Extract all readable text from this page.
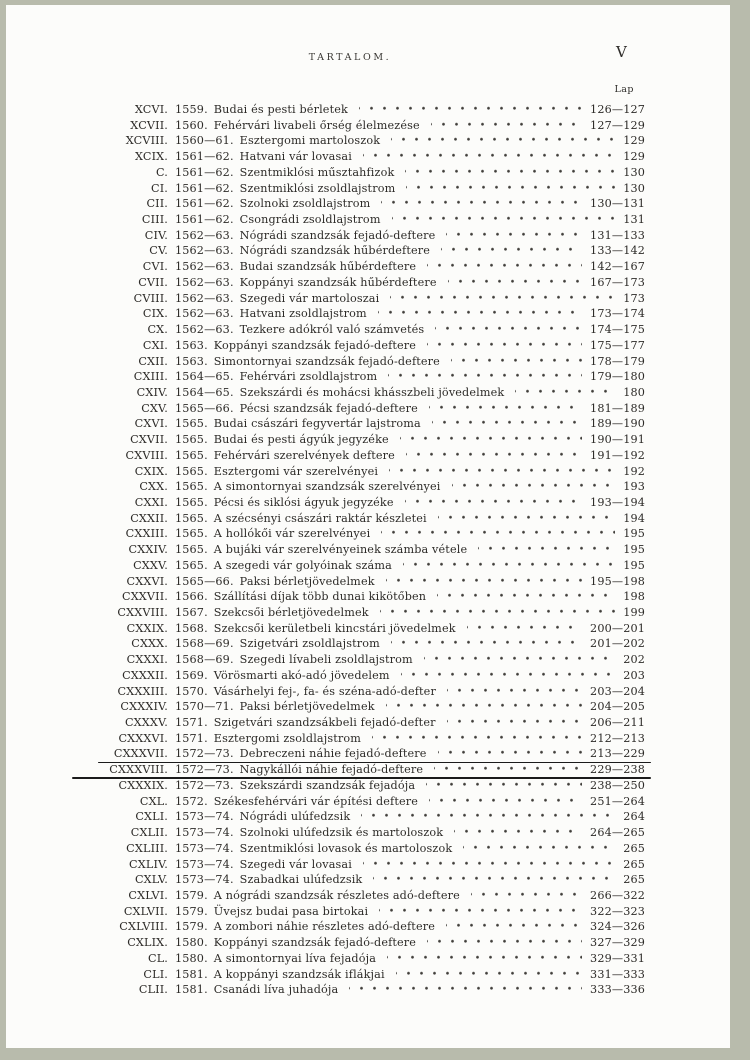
TARTALOM.	V
Lap
XCVI. 1559. Budai és pesti bérletek	126—127
XCVII. 1560. Fehérvári livabeli őrség élelmezése	127—129
XCVIII. 1560—61. Esztergomi martoloszok	129
XCIX. 1561—62. Hatvani vár lovasai	129
C. 1561—62. Szentmiklósi műsztahfizok	130
CI. 1561—62. Szentmiklósi zsoldlajstrom	130
CII. 1561—62. Szolnoki zsoldlajstrom	130—131
CIII. 1561—62. Csongrádi zsoldlajstrom	131
CIV. 1562—63. Nógrádi szandzsák fejadó-deftere	131—133
CV. 1562—63. Nógrádi szandzsák hűbérdeftere	133—142
CVI. 1562—63. Budai szandzsák hűbérdeftere	142—167
CVII. 1562—63. Koppányi szandzsák hűbérdeftere	167—173
CVIII. 1562—63. Szegedi vár martoloszai	173
CIX. 1562—63. Hatvani zsoldlajstrom	173—174
CX. 1562—63. Tezkere adókról való számvetés	174—175
CXI. 1563. Koppányi szandzsák fejadó-deftere	175—177
CXII. 1563. Simontornyai szandzsák fejadó-deftere	178—179
CXIII. 1564—65. Fehérvári zsoldlajstrom	179—180
CXIV. 1564—65. Szekszárdi és mohácsi khásszbeli jövedelmek	180
CXV. 1565—66. Pécsi szandzsák fejadó-deftere	181—189
CXVI. 1565. Budai császári fegyvertár lajstroma	189—190
CXVII. 1565. Budai és pesti ágyúk jegyzéke	190—191
CXVIII. 1565. Fehérvári szerelvények deftere	191—192
CXIX. 1565. Esztergomi vár szerelvényei	192
CXX. 1565. A simontornyai szandzsák szerelvényei	193
CXXI. 1565. Pécsi és siklósi ágyuk jegyzéke	193—194
CXXII. 1565. A szécsényi császári raktár készletei	194
CXXIII. 1565. A hollókői vár szerelvényei	195
CXXIV. 1565. A bujáki vár szerelvényeinek számba vétele	195
CXXV. 1565. A szegedi vár golyóinak száma	195
CXXVI. 1565—66. Paksi bérletjövedelmek	195—198
CXXVII. 1566. Szállítási díjak több dunai kikötőben	198
CXXVIII. 1567. Szekcsői bérletjövedelmek	199
CXXIX. 1568. Szekcsői kerületbeli kincstári jövedelmek	200—201
CXXX. 1568—69. Szigetvári zsoldlajstrom	201—202
CXXXI. 1568—69. Szegedi lívabeli zsoldlajstrom	202
CXXXII. 1569. Vörösmarti akó-adó jövedelem	203
CXXXIII. 1570. Vásárhelyi fej-, fa- és széna-adó-defter	203—204
CXXXIV. 1570—71. Paksi bérletjövedelmek	204—205
CXXXV. 1571. Szigetvári szandzsákbeli fejadó-defter	206—211
CXXXVI. 1571. Esztergomi zsoldlajstrom	212—213
CXXXVII. 1572—73. Debreczeni náhie fejadó-deftere	213—229
CXXXVIII. 1572—73. Nagykállói náhie fejadó-deftere	229—238
CXXXIX. 1572—73. Szekszárdi szandzsák fejadója	238—250
CXL. 1572. Székesfehérvári vár építési deftere	251—264
CXLI. 1573—74. Nógrádi ulúfedzsik	264
CXLII. 1573—74. Szolnoki ulúfedzsik és martoloszok	264—265
CXLIII. 1573—74. Szentmiklósi lovasok és martoloszok	265
CXLIV. 1573—74. Szegedi vár lovasai	265
CXLV. 1573—74. Szabadkai ulúfedzsik	265
CXLVI. 1579. A nógrádi szandzsák részletes adó-deftere	266—322
CXLVII. 1579. Üvejsz budai pasa birtokai	322—323
CXLVIII. 1579. A zombori náhie részletes adó-deftere	324—326
CXLIX. 1580. Koppányi szandzsák fejadó-deftere	327—329
CL. 1580. A simontornyai líva fejadója	329—331
CLI. 1581. A koppányi szandzsák iflákjai	331—333
CLII. 1581. Csanádi líva juhadója	333—336
